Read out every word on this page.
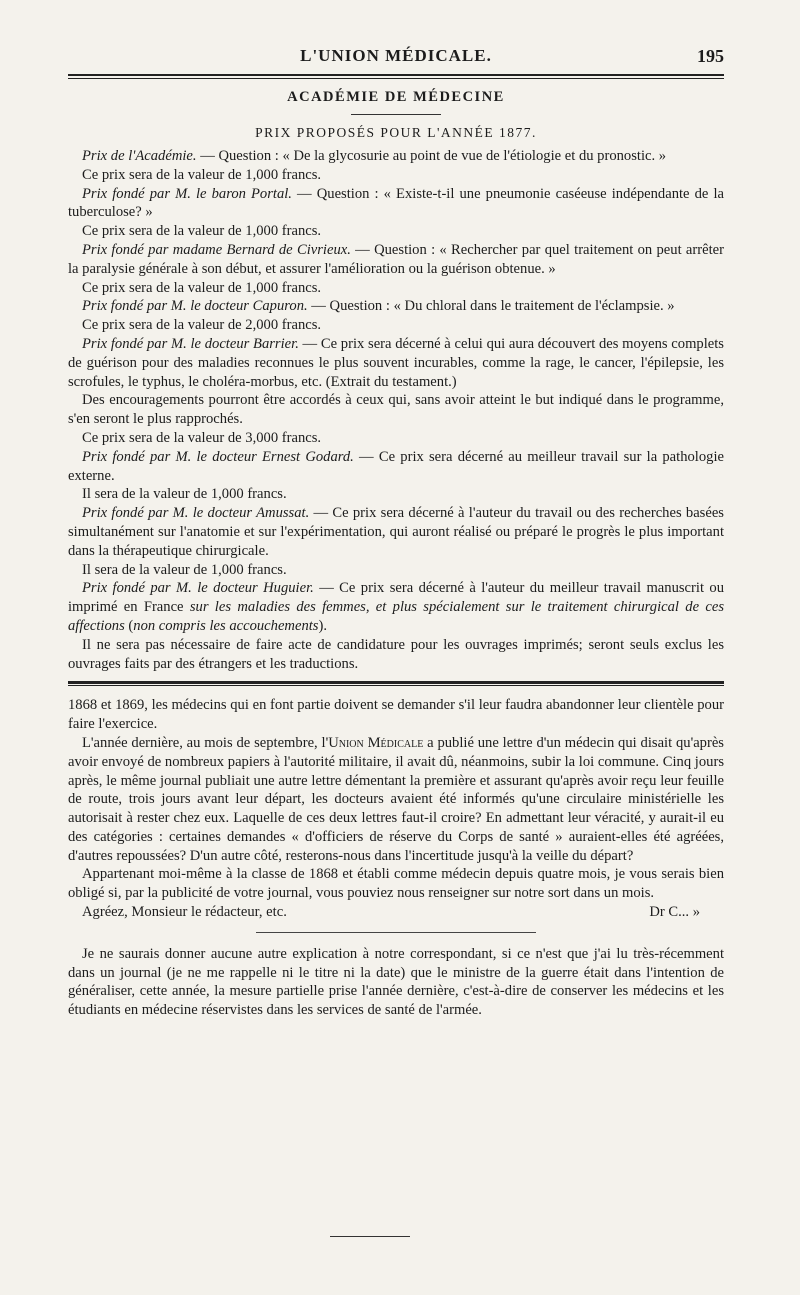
L'UNION MÉDICALE.	195
ACADÉMIE DE MÉDECINE
PRIX PROPOSÉS POUR L'ANNÉE 1877.

Prix de l'Académie. — Question : « De la glycosurie au point de vue de l'étiologie et du pronostic. »

Ce prix sera de la valeur de 1,000 francs.

Prix fondé par M. le baron Portal. — Question : « Existe-t-il une pneumonie caséeuse indépendante de la tuberculose? »

Ce prix sera de la valeur de 1,000 francs.

Prix fondé par madame Bernard de Civrieux. — Question : « Rechercher par quel traitement on peut arrêter la paralysie générale à son début, et assurer l'amélioration ou la guérison obtenue. »

Ce prix sera de la valeur de 1,000 francs.

Prix fondé par M. le docteur Capuron. — Question : « Du chloral dans le traitement de l'éclampsie. »

Ce prix sera de la valeur de 2,000 francs.

Prix fondé par M. le docteur Barrier. — Ce prix sera décerné à celui qui aura découvert des moyens complets de guérison pour des maladies reconnues le plus souvent incurables, comme la rage, le cancer, l'épilepsie, les scrofules, le typhus, le choléra-morbus, etc. (Extrait du testament.)

Des encouragements pourront être accordés à ceux qui, sans avoir atteint le but indiqué dans le programme, s'en seront le plus rapprochés.

Ce prix sera de la valeur de 3,000 francs.

Prix fondé par M. le docteur Ernest Godard. — Ce prix sera décerné au meilleur travail sur la pathologie externe.

Il sera de la valeur de 1,000 francs.

Prix fondé par M. le docteur Amussat. — Ce prix sera décerné à l'auteur du travail ou des recherches basées simultanément sur l'anatomie et sur l'expérimentation, qui auront réalisé ou préparé le progrès le plus important dans la thérapeutique chirurgicale.

Il sera de la valeur de 1,000 francs.

Prix fondé par M. le docteur Huguier. — Ce prix sera décerné à l'auteur du meilleur travail manuscrit ou imprimé en France sur les maladies des femmes, et plus spécialement sur le traitement chirurgical de ces affections (non compris les accouchements).

Il ne sera pas nécessaire de faire acte de candidature pour les ouvrages imprimés; seront seuls exclus les ouvrages faits par des étrangers et les traductions.

1868 et 1869, les médecins qui en font partie doivent se demander s'il leur faudra abandonner leur clientèle pour faire l'exercice.

L'année dernière, au mois de septembre, l'Union Médicale a publié une lettre d'un médecin qui disait qu'après avoir envoyé de nombreux papiers à l'autorité militaire, il avait dû, néanmoins, subir la loi commune. Cinq jours après, le même journal publiait une autre lettre démentant la première et assurant qu'après avoir reçu leur feuille de route, trois jours avant leur départ, les docteurs avaient été informés qu'une circulaire ministérielle les autorisait à rester chez eux. Laquelle de ces deux lettres faut-il croire? En admettant leur véracité, y aurait-il eu des catégories : certaines demandes « d'officiers de réserve du Corps de santé » auraient-elles été agréées, d'autres repoussées? D'un autre côté, resterons-nous dans l'incertitude jusqu'à la veille du départ?

Appartenant moi-même à la classe de 1868 et établi comme médecin depuis quatre mois, je vous serais bien obligé si, par la publicité de votre journal, vous pouviez nous renseigner sur notre sort dans un mois.

Agréez, Monsieur le rédacteur, etc.	Dr C... »

Je ne saurais donner aucune autre explication à notre correspondant, si ce n'est que j'ai lu très-récemment dans un journal (je ne me rappelle ni le titre ni la date) que le ministre de la guerre était dans l'intention de généraliser, cette année, la mesure partielle prise l'année dernière, c'est-à-dire de conserver les médecins et les étudiants en médecine réservistes dans les services de santé de l'armée.
